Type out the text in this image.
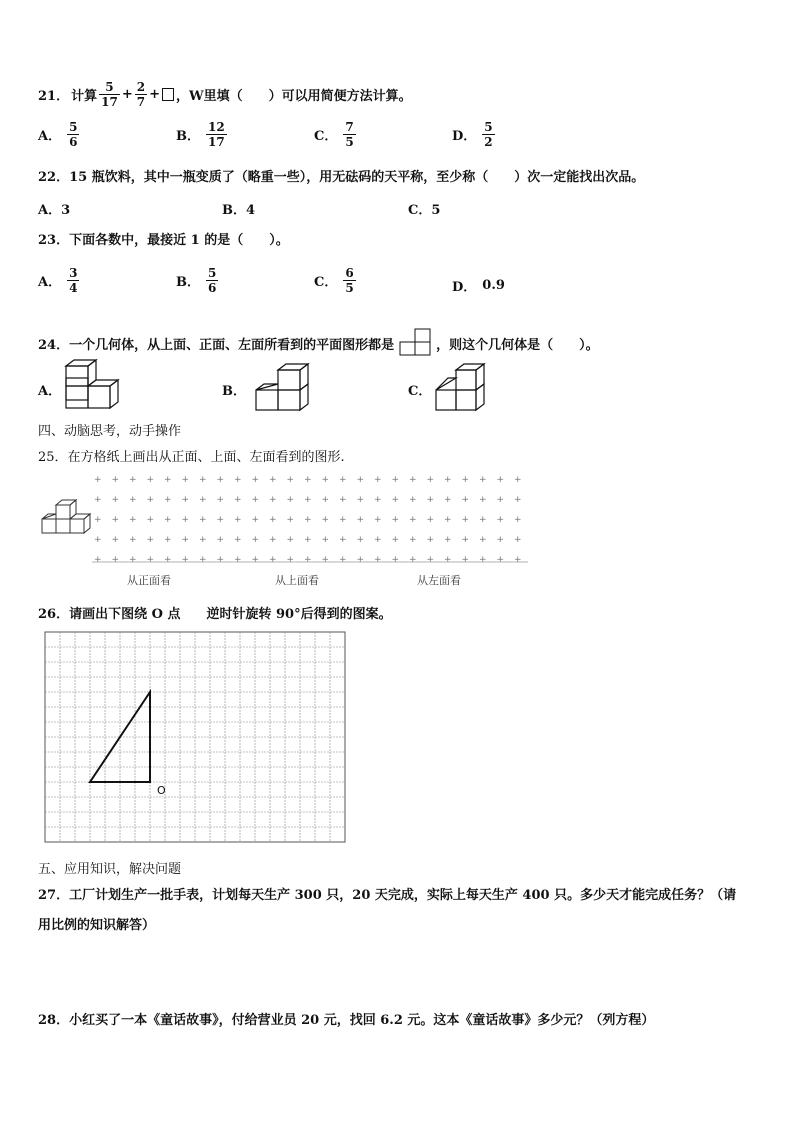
21． 计算 $\frac{5}{17} + \frac{2}{7}$ + ，W里填（　　）可以用简便方法计算。
A． $\frac{5}{6}$	B． $\frac{12}{17}$	C． $\frac{7}{5}$	D． $\frac{5}{2}$
22．15 瓶饮料，其中一瓶变质了（略重一些），用无砝码的天平称，至少称（　　）次一定能找出次品。
A．3	B．4	C．5
23．下面各数中，最接近 1 的是（　　）。
A． $\frac{3}{4}$	B． $\frac{5}{6}$	C． $\frac{6}{5}$	D． 0.9
24．一个几何体，从上面、正面、左面所看到的平面图形都是	，则这个几何体是（　　）。
A．	B．	C．
四、动脑思考，动手操作
25．在方格纸上画出从正面、上面、左面看到的图形.
+ + + + + + + + + + + + + + + + + + + + + + + + +
+ + + + + + + + + + + + + + + + + + + + + + + + +
+ + + + + + + + + + + + + + + + + + + + + + + + +
+ + + + + + + + + + + + + + + + + + + + + + + + +
+ + + + + + + + + + + + + + + + + + + + + + + + +
从正面看	从上面看	从左面看
26．请画出下图绕 O 点　　逆时针旋转 90°后得到的图案。
O
五、应用知识，解决问题
27．工厂计划生产一批手表，计划每天生产 300 只，20 天完成，实际上每天生产 400 只。多少天才能完成任务？（请
用比例的知识解答）
28．小红买了一本《童话故事》，付给营业员 20 元，找回 6.2 元。这本《童话故事》多少元？（列方程）
